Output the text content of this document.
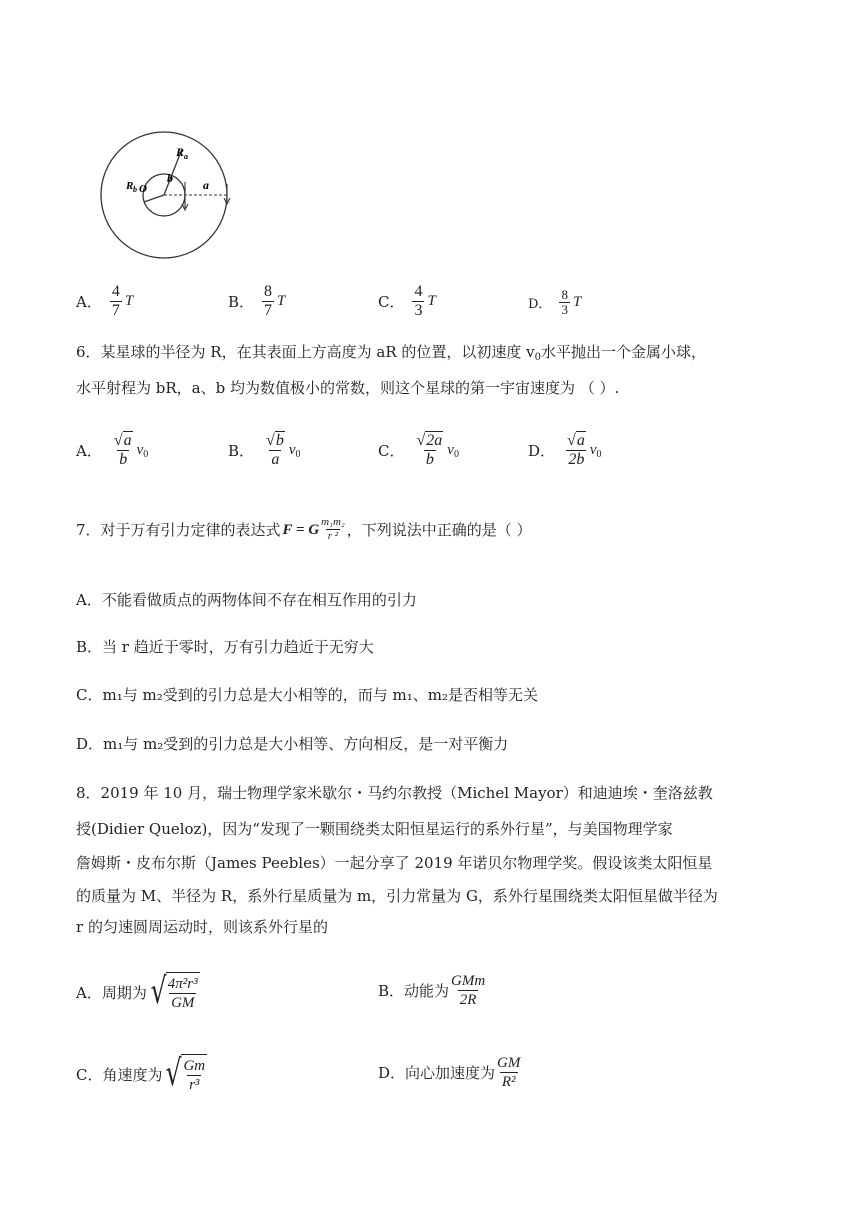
R a
R b O
b	a
A． $\frac{4}{7}$ T	B． $\frac{8}{7}$ T	C． $\frac{4}{3}$ T	D． $\frac{8}{3}$ T
6．某星球的半径为 R，在其表面上方高度为 aR 的位置，以初速度 $v_0$水平抛出一个金属小球，
水平射程为 bR，a、b 均为数值极小的常数，则这个星球的第一宇宙速度为 （ ）.
A． $\frac{√a}{b} v_0$	B． $\frac{√b}{a} v_0$	C． $\frac{√2a}{b} v_0$	D． $\frac{√a}{2b} v_0$
7．对于万有引力定律的表达式 F = G $\frac{\text{m₁m₂}}{\text{r ²}}$ ，下列说法中正确的是（ ）
A．不能看做质点的两物体间不存在相互作用的引力
B．当 r 趋近于零时，万有引力趋近于无穷大
C．m₁与 m₂受到的引力总是大小相等的，而与 m₁、m₂是否相等无关
D．m₁与 m₂受到的引力总是大小相等、方向相反，是一对平衡力
8．2019 年 10 月，瑞士物理学家米歇尔・马约尔教授（Michel Mayor）和迪迪埃・奎洛兹教
授(Didier Queloz)，因为“发现了一颗围绕类太阳恒星运行的系外行星”，与美国物理学家
詹姆斯・皮布尔斯（James Peebles）一起分享了 2019 年诺贝尔物理学奖。假设该类太阳恒星
的质量为 M、半径为 R，系外行星质量为 m，引力常量为 G，系外行星围绕类太阳恒星做半径为
r 的匀速圆周运动时，则该系外行星的
A．周期为 √ $\frac{\text{4π²r³}}{GM}$	B．动能为 $\frac{\text{GMm}}{2R}$
C．角速度为 √ $\frac{Gm}{\text{r³}}$	D．向心加速度为 $\frac{GM}{\text{R²}}$
